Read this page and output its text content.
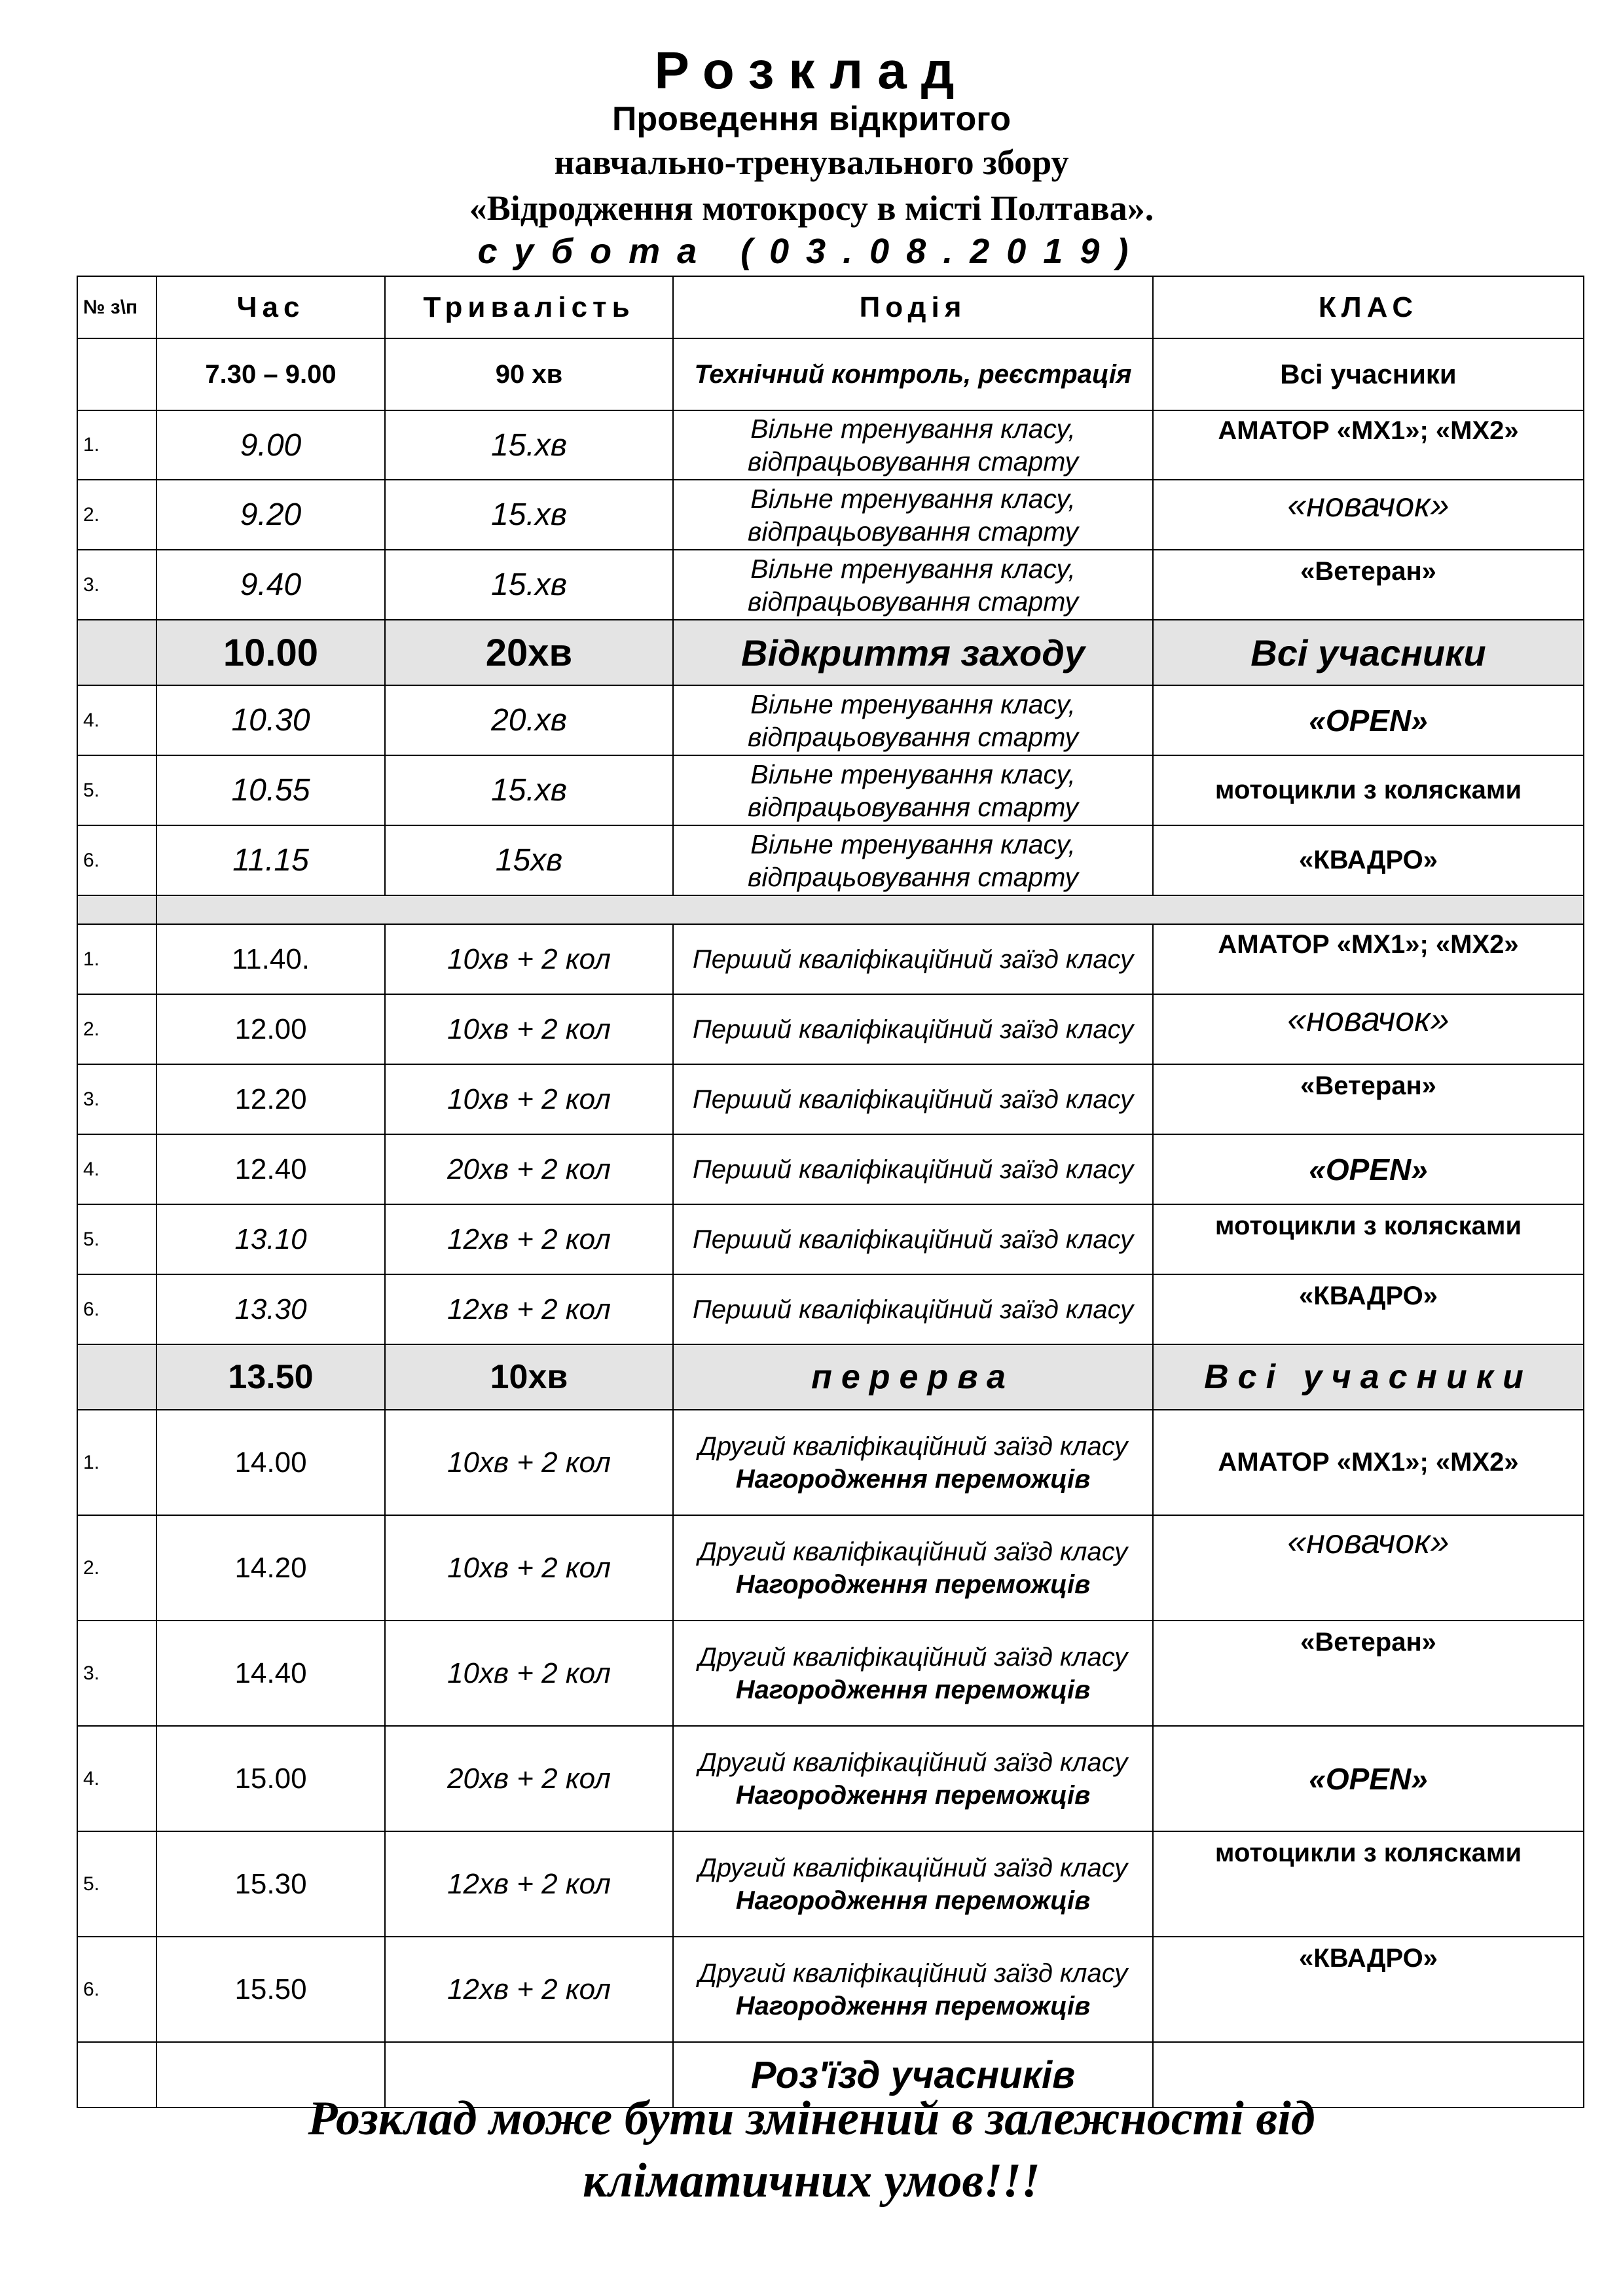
Розклад
Проведення відкритого
навчально-тренувального збору
«Відродження мотокросу в місті Полтава».
субота (03.08.2019)
№ з\п	Час	Тривалість	Подія	КЛАС
	7.30 – 9.00	90 хв	Технічний контроль, реєстрація	Всі учасники
1.	9.00	15.хв	Вільне тренування класу, відпрацьовування старту	АМАТОР «МХ1»; «МХ2»
2.	9.20	15.хв	Вільне тренування класу, відпрацьовування старту	«новачок»
3.	9.40	15.хв	Вільне тренування класу, відпрацьовування старту	«Ветеран»
	10.00	20хв	Відкриття заходу	Всі учасники
4.	10.30	20.хв	Вільне тренування класу, відпрацьовування старту	«OPEN»
5.	10.55	15.хв	Вільне тренування класу, відпрацьовування старту	мотоцикли з колясками
6.	11.15	15хв	Вільне тренування класу, відпрацьовування старту	«КВАДРО»

1.	11.40.	10хв + 2 кол	Перший кваліфікаційний заїзд класу	АМАТОР «МХ1»; «МХ2»
2.	12.00	10хв + 2 кол	Перший кваліфікаційний заїзд класу	«новачок»
3.	12.20	10хв + 2 кол	Перший кваліфікаційний заїзд класу	«Ветеран»
4.	12.40	20хв + 2 кол	Перший кваліфікаційний заїзд класу	«OPEN»
5.	13.10	12хв + 2 кол	Перший кваліфікаційний заїзд класу	мотоцикли з колясками
6.	13.30	12хв + 2 кол	Перший кваліфікаційний заїзд класу	«КВАДРО»
	13.50	10хв	перерва	Всі учасники
1.	14.00	10хв + 2 кол	Другий кваліфікаційний заїзд класу
Нагородження переможців	АМАТОР «МХ1»; «МХ2»
2.	14.20	10хв + 2 кол	Другий кваліфікаційний заїзд класу
Нагородження переможців	«новачок»
3.	14.40	10хв + 2 кол	Другий кваліфікаційний заїзд класу
Нагородження переможців	«Ветеран»
4.	15.00	20хв + 2 кол	Другий кваліфікаційний заїзд класу
Нагородження переможців	«OPEN»
5.	15.30	12хв + 2 кол	Другий кваліфікаційний заїзд класу
Нагородження переможців	мотоцикли з колясками
6.	15.50	12хв + 2 кол	Другий кваліфікаційний заїзд класу
Нагородження переможців	«КВАДРО»
			Роз'їзд учасників	
Розклад може бути змінений в залежності від
кліматичних умов!!!
